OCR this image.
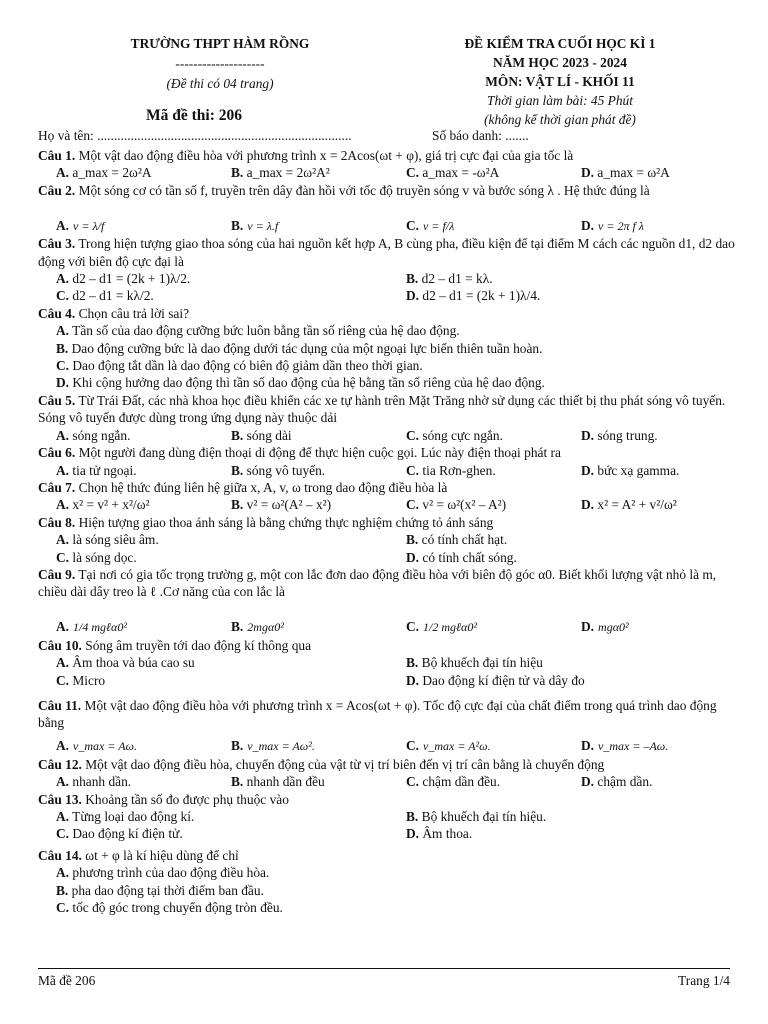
TRƯỜNG THPT HÀM RỒNG
--------------------
(Đề thi có 04 trang)
ĐỀ KIỂM TRA CUỐI HỌC KÌ 1
NĂM HỌC 2023 - 2024
MÔN: VẬT LÍ - KHỐI 11
Thời gian làm bài: 45 Phút
(không kể thời gian phát đề)
Mã đề thi: 206
Họ và tên: ............................................................................	Số báo danh: .......

Câu 1. Một vật dao động điều hòa với phương trình x = 2Acos(ωt + φ), giá trị cực đại của gia tốc là

A. a_max = 2ω²A	B. a_max = 2ω²A²	C. a_max = -ω²A	D. a_max = ω²A

Câu 2. Một sóng cơ có tần số f, truyền trên dây đàn hồi với tốc độ truyền sóng v và bước sóng λ . Hệ thức đúng là

A. v = λ/f	B. v = λ.f	C. v = f/λ	D. v = 2π f λ

Câu 3. Trong hiện tượng giao thoa sóng của hai nguồn kết hợp A, B cùng pha, điều kiện để tại điểm M cách các nguồn d1, d2 dao động với biên độ cực đại là

A. d2 – d1 = (2k + 1)λ/2.	B. d2 – d1 = kλ.
C. d2 – d1 = kλ/2.	D. d2 – d1 = (2k + 1)λ/4.

Câu 4. Chọn câu trả lời sai?

A. Tần số của dao động cưỡng bức luôn bằng tần số riêng của hệ dao động.
B. Dao động cưỡng bức là dao động dưới tác dụng của một ngoại lực biến thiên tuần hoàn.
C. Dao động tắt dần là dao động có biên độ giảm dần theo thời gian.
D. Khi cộng hưởng dao động thì tần số dao động của hệ bằng tần số riêng của hệ dao động.

Câu 5. Từ Trái Đất, các nhà khoa học điều khiển các xe tự hành trên Mặt Trăng nhờ sử dụng các thiết bị thu phát sóng vô tuyến. Sóng vô tuyến được dùng trong ứng dụng này thuộc dải

A. sóng ngắn.	B. sóng dài	C. sóng cực ngắn.	D. sóng trung.

Câu 6. Một người đang dùng điện thoại di động để thực hiện cuộc gọi. Lúc này điện thoại phát ra

A. tia tử ngoại.	B. sóng vô tuyến.	C. tia Rơn-ghen.	D. bức xạ gamma.

Câu 7. Chọn hệ thức đúng liên hệ giữa x, A, v, ω trong dao động điều hòa là

A. x² = v² + x²/ω²	B. v² = ω²(A² – x²)	C. v² = ω²(x² – A²)	D. x² = A² + v²/ω²

Câu 8. Hiện tượng giao thoa ánh sáng là bằng chứng thực nghiệm chứng tỏ ánh sáng

A. là sóng siêu âm.	B. có tính chất hạt.
C. là sóng dọc.	D. có tính chất sóng.

Câu 9. Tại nơi có gia tốc trọng trường g, một con lắc đơn dao động điều hòa với biên độ góc α0. Biết khối lượng vật nhỏ là m, chiều dài dây treo là ℓ .Cơ năng của con lắc là

A. 1/4 mgℓα0²	B. 2mgα0²	C. 1/2 mgℓα0²	D. mgα0²

Câu 10. Sóng âm truyền tới dao động kí thông qua

A. Âm thoa và búa cao su	B. Bộ khuếch đại tín hiệu
C. Micro	D. Dao động kí điện tử và dây đo

Câu 11. Một vật dao động điều hòa với phương trình x = Acos(ωt + φ). Tốc độ cực đại của chất điểm trong quá trình dao động bằng

A. v_max = Aω.	B. v_max = Aω².	C. v_max = A²ω.	D. v_max = –Aω.

Câu 12. Một vật dao động điều hòa, chuyển động của vật từ vị trí biên đến vị trí cân bằng là chuyển động

A. nhanh dần.	B. nhanh dần đều	C. chậm dần đều.	D. chậm dần.

Câu 13. Khoảng tần số đo được phụ thuộc vào

A. Từng loại dao động kí.	B. Bộ khuếch đại tín hiệu.
C. Dao động kí điện tử.	D. Âm thoa.

Câu 14. ωt + φ là kí hiệu dùng để chỉ

A. phương trình của dao động điều hòa.
B. pha dao động tại thời điểm ban đầu.
C. tốc độ góc trong chuyển động tròn đều.
Mã đề 206	Trang 1/4
